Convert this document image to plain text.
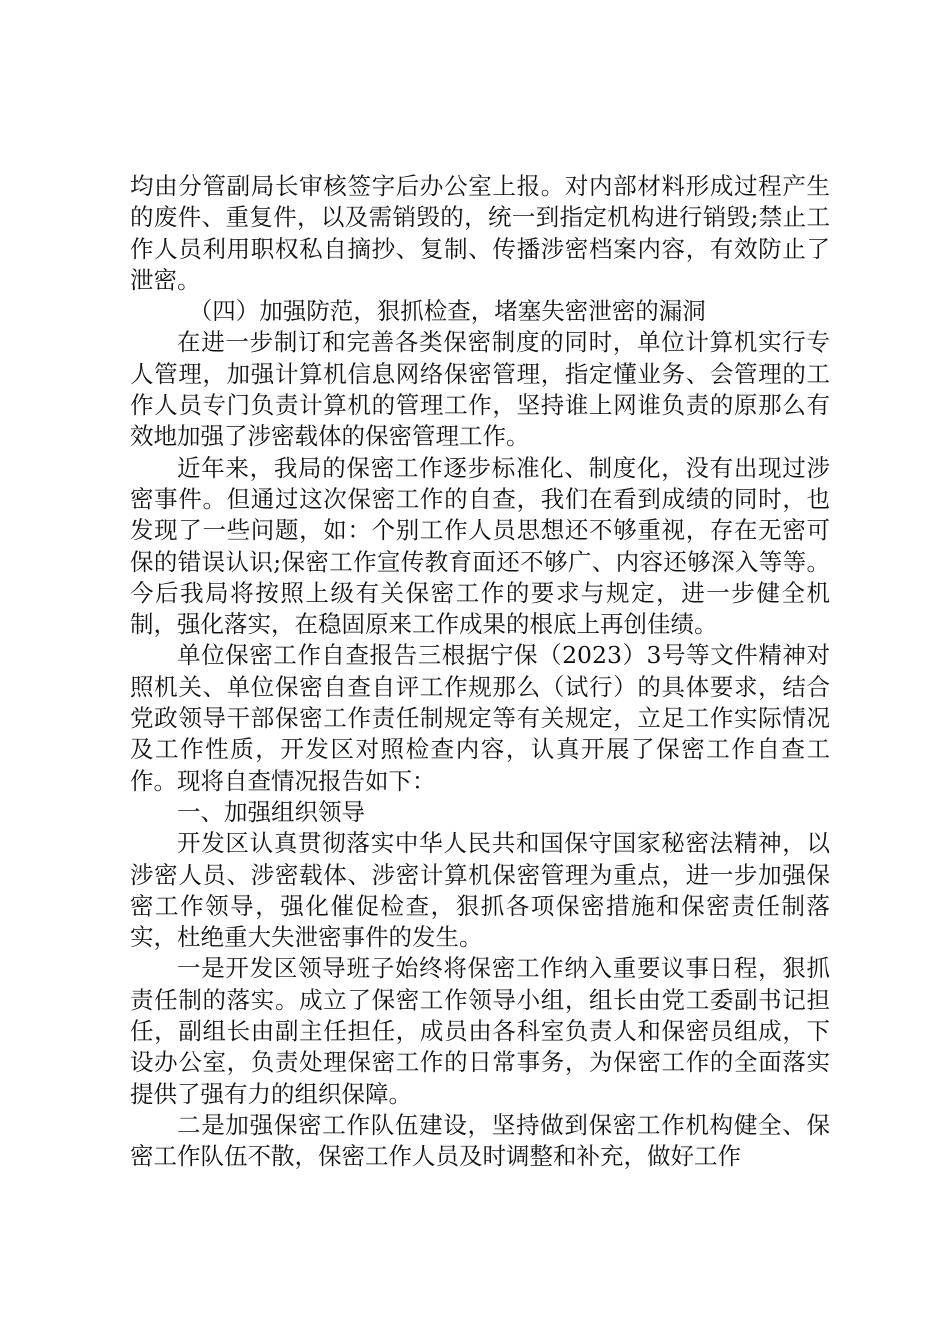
均由分管副局长审核签字后办公室上报。对内部材料形成过程产生的废件、重复件，以及需销毁的，统一到指定机构进行销毁;禁止工作人员利用职权私自摘抄、复制、传播涉密档案内容，有效防止了泄密。

（四）加强防范，狠抓检查，堵塞失密泄密的漏洞

在进一步制订和完善各类保密制度的同时，单位计算机实行专人管理，加强计算机信息网络保密管理，指定懂业务、会管理的工作人员专门负责计算机的管理工作，坚持谁上网谁负责的原那么有效地加强了涉密载体的保密管理工作。

近年来，我局的保密工作逐步标准化、制度化，没有出现过涉密事件。但通过这次保密工作的自查，我们在看到成绩的同时，也发现了一些问题，如：个别工作人员思想还不够重视，存在无密可保的错误认识;保密工作宣传教育面还不够广、内容还够深入等等。今后我局将按照上级有关保密工作的要求与规定，进一步健全机制，强化落实，在稳固原来工作成果的根底上再创佳绩。

单位保密工作自查报告三根据宁保（2023）3号等文件精神对照机关、单位保密自查自评工作规那么（试行）的具体要求，结合党政领导干部保密工作责任制规定等有关规定，立足工作实际情况及工作性质，开发区对照检查内容，认真开展了保密工作自查工作。现将自查情况报告如下：

一、加强组织领导

开发区认真贯彻落实中华人民共和国保守国家秘密法精神，以涉密人员、涉密载体、涉密计算机保密管理为重点，进一步加强保密工作领导，强化催促检查，狠抓各项保密措施和保密责任制落实，杜绝重大失泄密事件的发生。

一是开发区领导班子始终将保密工作纳入重要议事日程，狠抓责任制的落实。成立了保密工作领导小组，组长由党工委副书记担任，副组长由副主任担任，成员由各科室负责人和保密员组成，下设办公室，负责处理保密工作的日常事务，为保密工作的全面落实提供了强有力的组织保障。

二是加强保密工作队伍建设，坚持做到保密工作机构健全、保密工作队伍不散，保密工作人员及时调整和补充，做好工作
